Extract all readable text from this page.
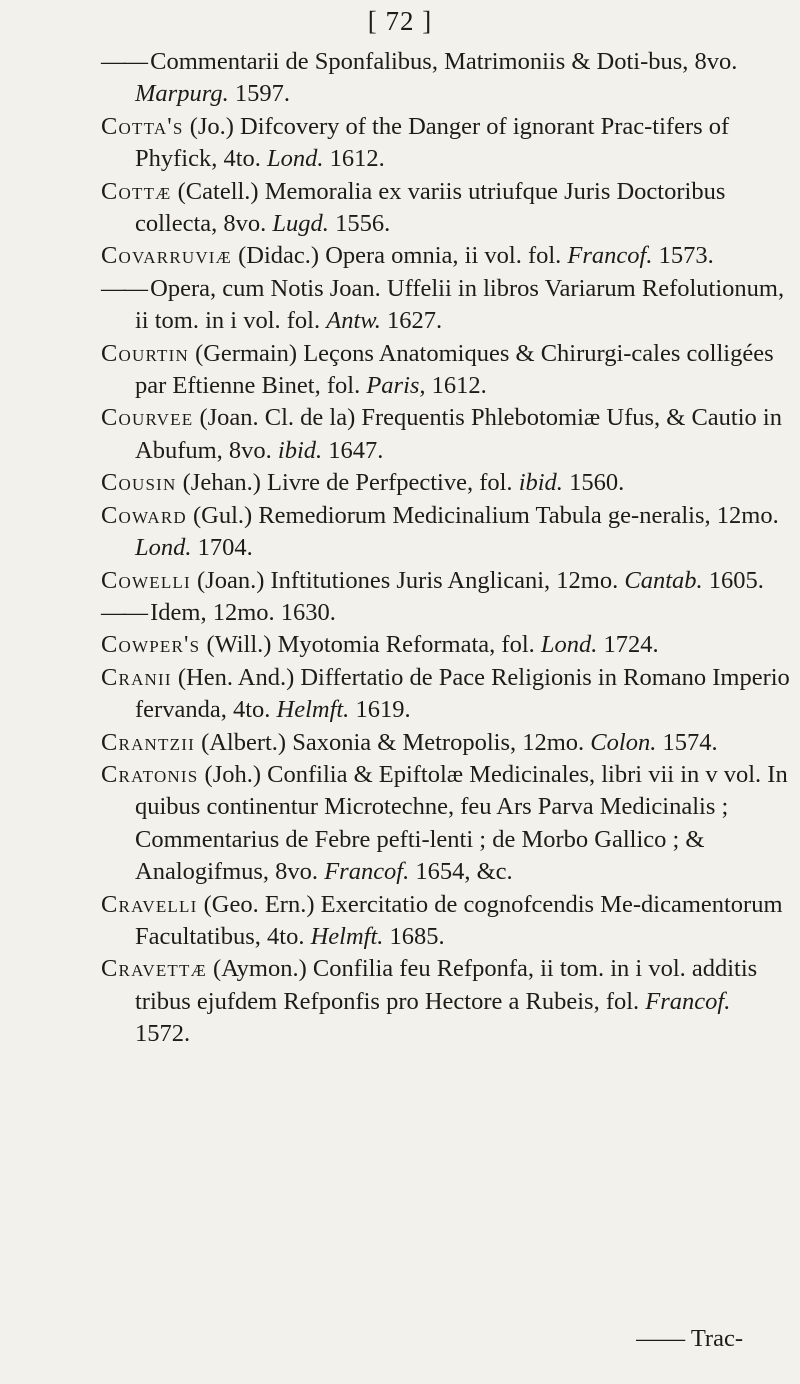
[ 72 ]

—— Commentarii de Sponfalibus, Matrimoniis & Doti-bus, 8vo. Marpurg. 1597.

Cotta's (Jo.) Difcovery of the Danger of ignorant Prac-tifers of Phyfick, 4to. Lond. 1612.

Cottæ (Catell.) Memoralia ex variis utriufque Juris Doctoribus collecta, 8vo. Lugd. 1556.

Covarruviæ (Didac.) Opera omnia, ii vol. fol. Francof. 1573.

—— Opera, cum Notis Joan. Uffelii in libros Variarum Refolutionum, ii tom. in i vol. fol. Antw. 1627.

Courtin (Germain) Leçons Anatomiques & Chirurgi-cales colligées par Eftienne Binet, fol. Paris, 1612.

Courvee (Joan. Cl. de la) Frequentis Phlebotomiæ Ufus, & Cautio in Abufum, 8vo. ibid. 1647.

Cousin (Jehan.) Livre de Perfpective, fol. ibid. 1560.

Coward (Gul.) Remediorum Medicinalium Tabula ge-neralis, 12mo. Lond. 1704.

Cowelli (Joan.) Inftitutiones Juris Anglicani, 12mo. Cantab. 1605.

—— Idem, 12mo. 1630.

Cowper's (Will.) Myotomia Reformata, fol. Lond. 1724.

Cranii (Hen. And.) Differtatio de Pace Religionis in Romano Imperio fervanda, 4to. Helmft. 1619.

Crantzii (Albert.) Saxonia & Metropolis, 12mo. Colon. 1574.

Cratonis (Joh.) Confilia & Epiftolæ Medicinales, libri vii in v vol. In quibus continentur Microtechne, feu Ars Parva Medicinalis ; Commentarius de Febre pefti-lenti ; de Morbo Gallico ; & Analogifmus, 8vo. Francof. 1654, &c.

Cravelli (Geo. Ern.) Exercitatio de cognofcendis Me-dicamentorum Facultatibus, 4to. Helmft. 1685.

Cravettæ (Aymon.) Confilia feu Refponfa, ii tom. in i vol. additis tribus ejufdem Refponfis pro Hectore a Rubeis, fol. Francof. 1572.

—— Trac-
